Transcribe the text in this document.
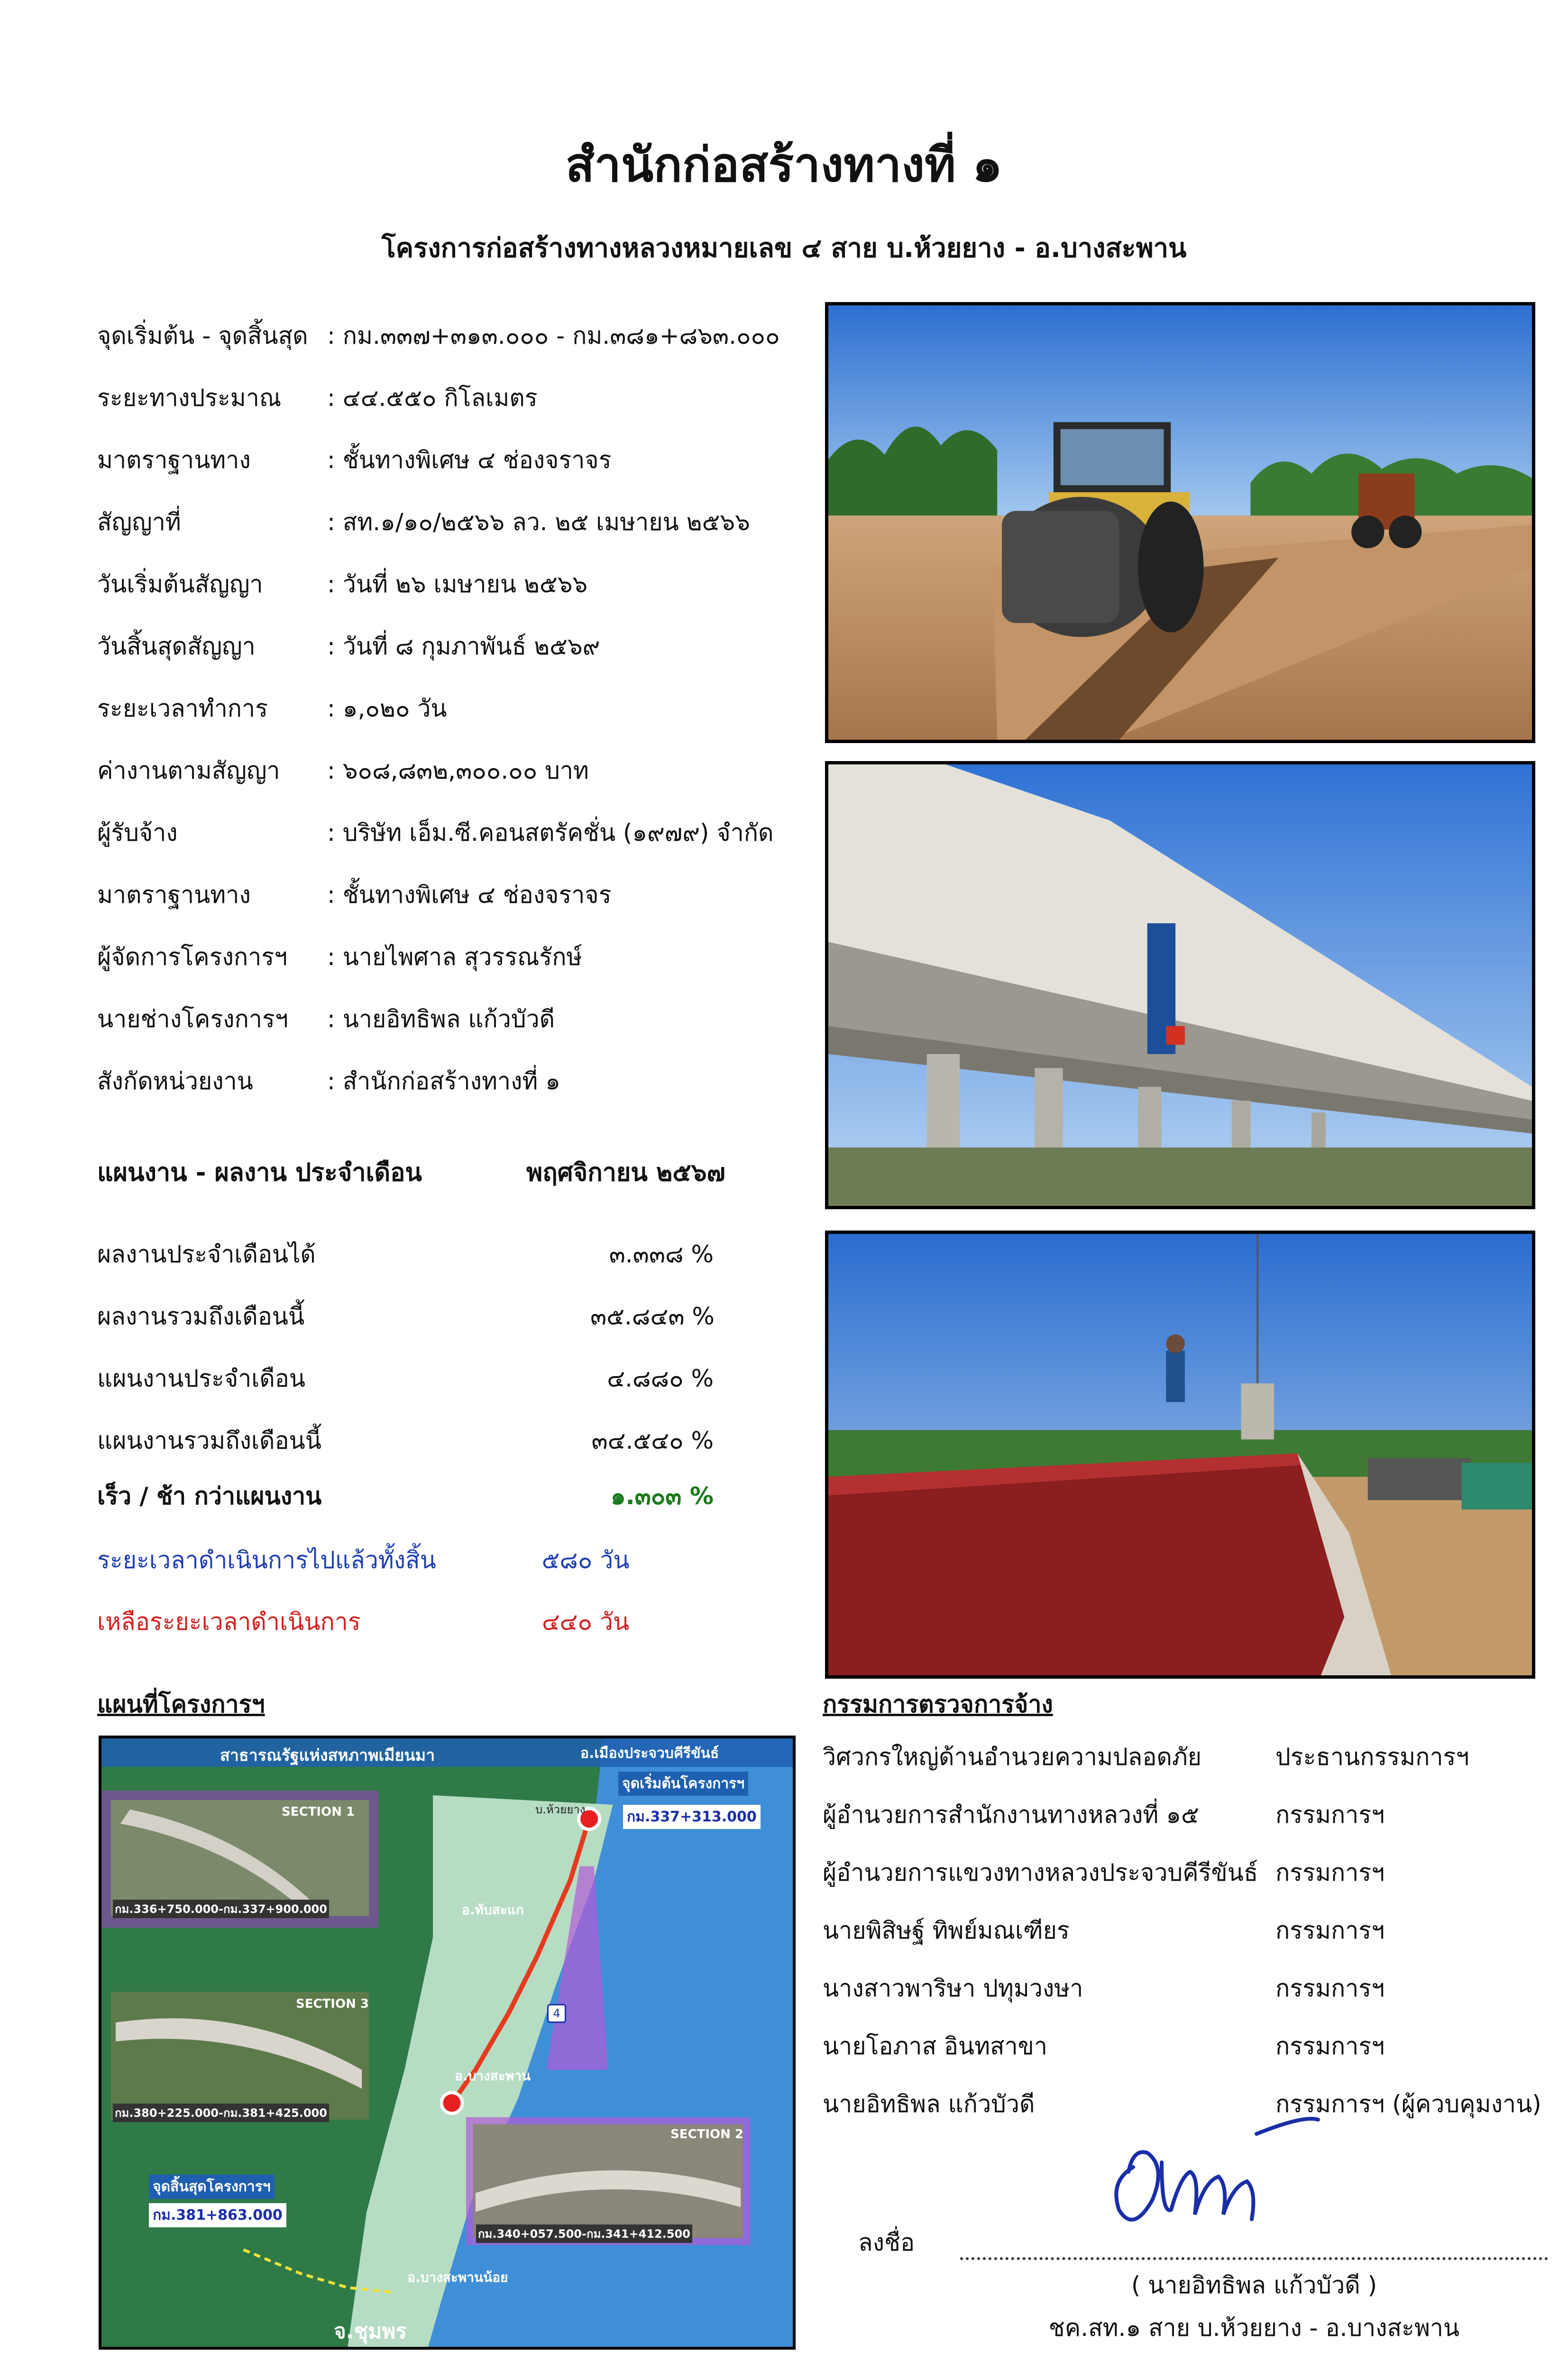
สำนักก่อสร้างทางที่ ๑
โครงการก่อสร้างทางหลวงหมายเลข ๔ สาย บ.ห้วยยาง - อ.บางสะพาน
จุดเริ่มต้น - จุดสิ้นสุด : กม.๓๓๗+๓๑๓.๐๐๐ - กม.๓๘๑+๘๖๓.๐๐๐
ระยะทางประมาณ : ๔๔.๕๕๐ กิโลเมตร
มาตราฐานทาง	: ชั้นทางพิเศษ ๔ ช่องจราจร
สัญญาที่	: สท.๑/๑๐/๒๕๖๖ ลว. ๒๕ เมษายน ๒๕๖๖
วันเริ่มต้นสัญญา	: วันที่ ๒๖ เมษายน ๒๕๖๖
วันสิ้นสุดสัญญา	: วันที่ ๘ กุมภาพันธ์ ๒๕๖๙
ระยะเวลาทำการ	: ๑,๐๒๐ วัน
ค่างานตามสัญญา : ๖๐๘,๘๓๒,๓๐๐.๐๐ บาท
ผู้รับจ้าง	: บริษัท เอ็ม.ซี.คอนสตรัคชั่น (๑๙๗๙) จำกัด
มาตราฐานทาง	: ชั้นทางพิเศษ ๔ ช่องจราจร
ผู้จัดการโครงการฯ : นายไพศาล สุวรรณรักษ์
นายช่างโครงการฯ : นายอิทธิพล แก้วบัวดี
สังกัดหน่วยงาน	: สำนักก่อสร้างทางที่ ๑
แผนงาน - ผลงาน ประจำเดือน	พฤศจิกายน ๒๕๖๗
ผลงานประจำเดือนได้	๓.๓๓๘ %
ผลงานรวมถึงเดือนนี้	๓๕.๘๔๓ %
แผนงานประจำเดือน	๔.๘๘๐ %
แผนงานรวมถึงเดือนนี้	๓๔.๕๔๐ %
เร็ว / ช้า กว่าแผนงาน	๑.๓๐๓ %
ระยะเวลาดำเนินการไปแล้วทั้งสิ้น	๕๘๐ วัน
เหลือระยะเวลาดำเนินการ	๔๔๐ วัน
แผนที่โครงการฯ
สาธารณรัฐแห่งสหภาพเมียนมา	อ.เมืองประจวบคีรีขันธ์
จุดเริ่มต้นโครงการฯ
กม.337+313.000
บ.ห้วยยาง
อ.ทับสะแก
อ.บางสะพาน
อ.บางสะพานน้อย
จ.ชุมพร
SECTION 1
กม.336+750.000-กม.337+900.000
SECTION 3
กม.380+225.000-กม.381+425.000
SECTION 2
กม.340+057.500-กม.341+412.500
จุดสิ้นสุดโครงการฯ
กม.381+863.000
4
กรรมการตรวจการจ้าง
วิศวกรใหญ่ด้านอำนวยความปลอดภัย	ประธานกรรมการฯ
ผู้อำนวยการสำนักงานทางหลวงที่ ๑๕	กรรมการฯ
ผู้อำนวยการแขวงทางหลวงประจวบคีรีขันธ์ กรรมการฯ
นายพิสิษฐ์ ทิพย์มณเฑียร	กรรมการฯ
นางสาวพาริษา ปทุมวงษา	กรรมการฯ
นายโอภาส อินทสาขา	กรรมการฯ
นายอิทธิพล แก้วบัวดี	กรรมการฯ (ผู้ควบคุมงาน)
ลงชื่อ
( นายอิทธิพล แก้วบัวดี )
ชค.สท.๑ สาย บ.ห้วยยาง - อ.บางสะพาน
